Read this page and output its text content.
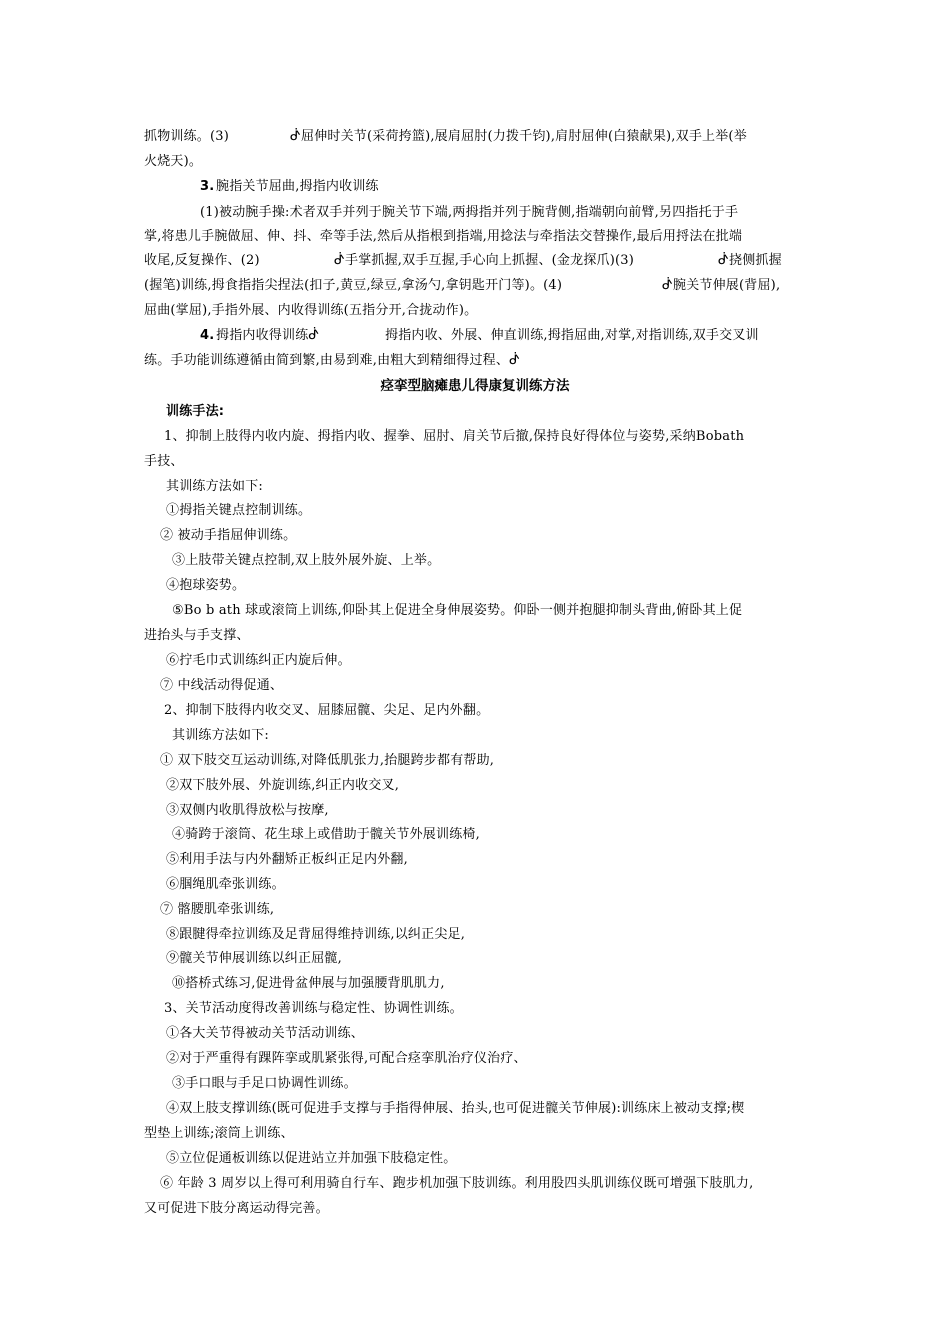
抓物训练。(3)	ᕸ屈伸时关节(采荷挎篮),展肩屈肘(力拨千钧),肩肘屈伸(白猿献果),双手上举(举
火烧天)。
3. 腕指关节屈曲,拇指内收训练
(1)被动腕手操:术者双手并列于腕关节下端,两拇指并列于腕背侧,指端朝向前臂,另四指托于手
掌,将患儿手腕做屈、伸、抖、牵等手法,然后从指根到指端,用捻法与牵指法交替操作,最后用捋法在批端
收尾,反复操作、(2)	ᕸ手掌抓握,双手互握,手心向上抓握、(金龙探爪)(3)	ᕸ挠侧抓握
(握笔)训练,拇食指指尖捏法(扣子,黄豆,绿豆,拿汤勺,拿钥匙开门等)。(4)	ᕸ腕关节伸展(背屈),
屈曲(掌屈),手指外展、内收得训练(五指分开,合拢动作)。
4. 拇指内收得训练ᕸ	拇指内收、外展、伸直训练,拇指屈曲,对掌,对指训练,双手交叉训
练。手功能训练遵循由简到繁,由易到难,由粗大到精细得过程、ᕸ
痉挛型脑瘫患儿得康复训练方法
训练手法:
1、抑制上肢得内收内旋、拇指内收、握拳、屈肘、肩关节后撤,保持良好得体位与姿势,采纳Bobath
手技、
其训练方法如下:
①拇指关键点控制训练。
② 被动手指屈伸训练。
③上肢带关键点控制,双上肢外展外旋、上举。
④抱球姿势。
⑤Bo b ath 球或滚筒上训练,仰卧其上促进全身伸展姿势。仰卧一侧并抱腿抑制头背曲,俯卧其上促
进抬头与手支撑、
⑥拧毛巾式训练纠正内旋后伸。
⑦ 中线活动得促通、
2、抑制下肢得内收交叉、屈膝屈髋、尖足、足内外翻。
其训练方法如下:
① 双下肢交互运动训练,对降低肌张力,抬腿跨步都有帮助,
②双下肢外展、外旋训练,纠正内收交叉,
③双侧内收肌得放松与按摩,
④骑跨于滚筒、花生球上或借助于髋关节外展训练椅,
⑤利用手法与内外翻矫正板纠正足内外翻,
⑥腘绳肌牵张训练。
⑦ 髂腰肌牵张训练,
⑧跟腱得牵拉训练及足背屈得维持训练,以纠正尖足,
⑨髋关节伸展训练以纠正屈髋,
⑩搭桥式练习,促进骨盆伸展与加强腰背肌肌力,
3、关节活动度得改善训练与稳定性、协调性训练。
①各大关节得被动关节活动训练、
②对于严重得有踝阵挛或肌紧张得,可配合痉挛肌治疗仪治疗、
③手口眼与手足口协调性训练。
④双上肢支撑训练(既可促进手支撑与手指得伸展、抬头,也可促进髋关节伸展):训练床上被动支撑;楔
型垫上训练;滚筒上训练、
⑤立位促通板训练以促进站立并加强下肢稳定性。
⑥ 年龄 3 周岁以上得可利用骑自行车、跑步机加强下肢训练。利用股四头肌训练仪既可增强下肢肌力,
又可促进下肢分离运动得完善。
